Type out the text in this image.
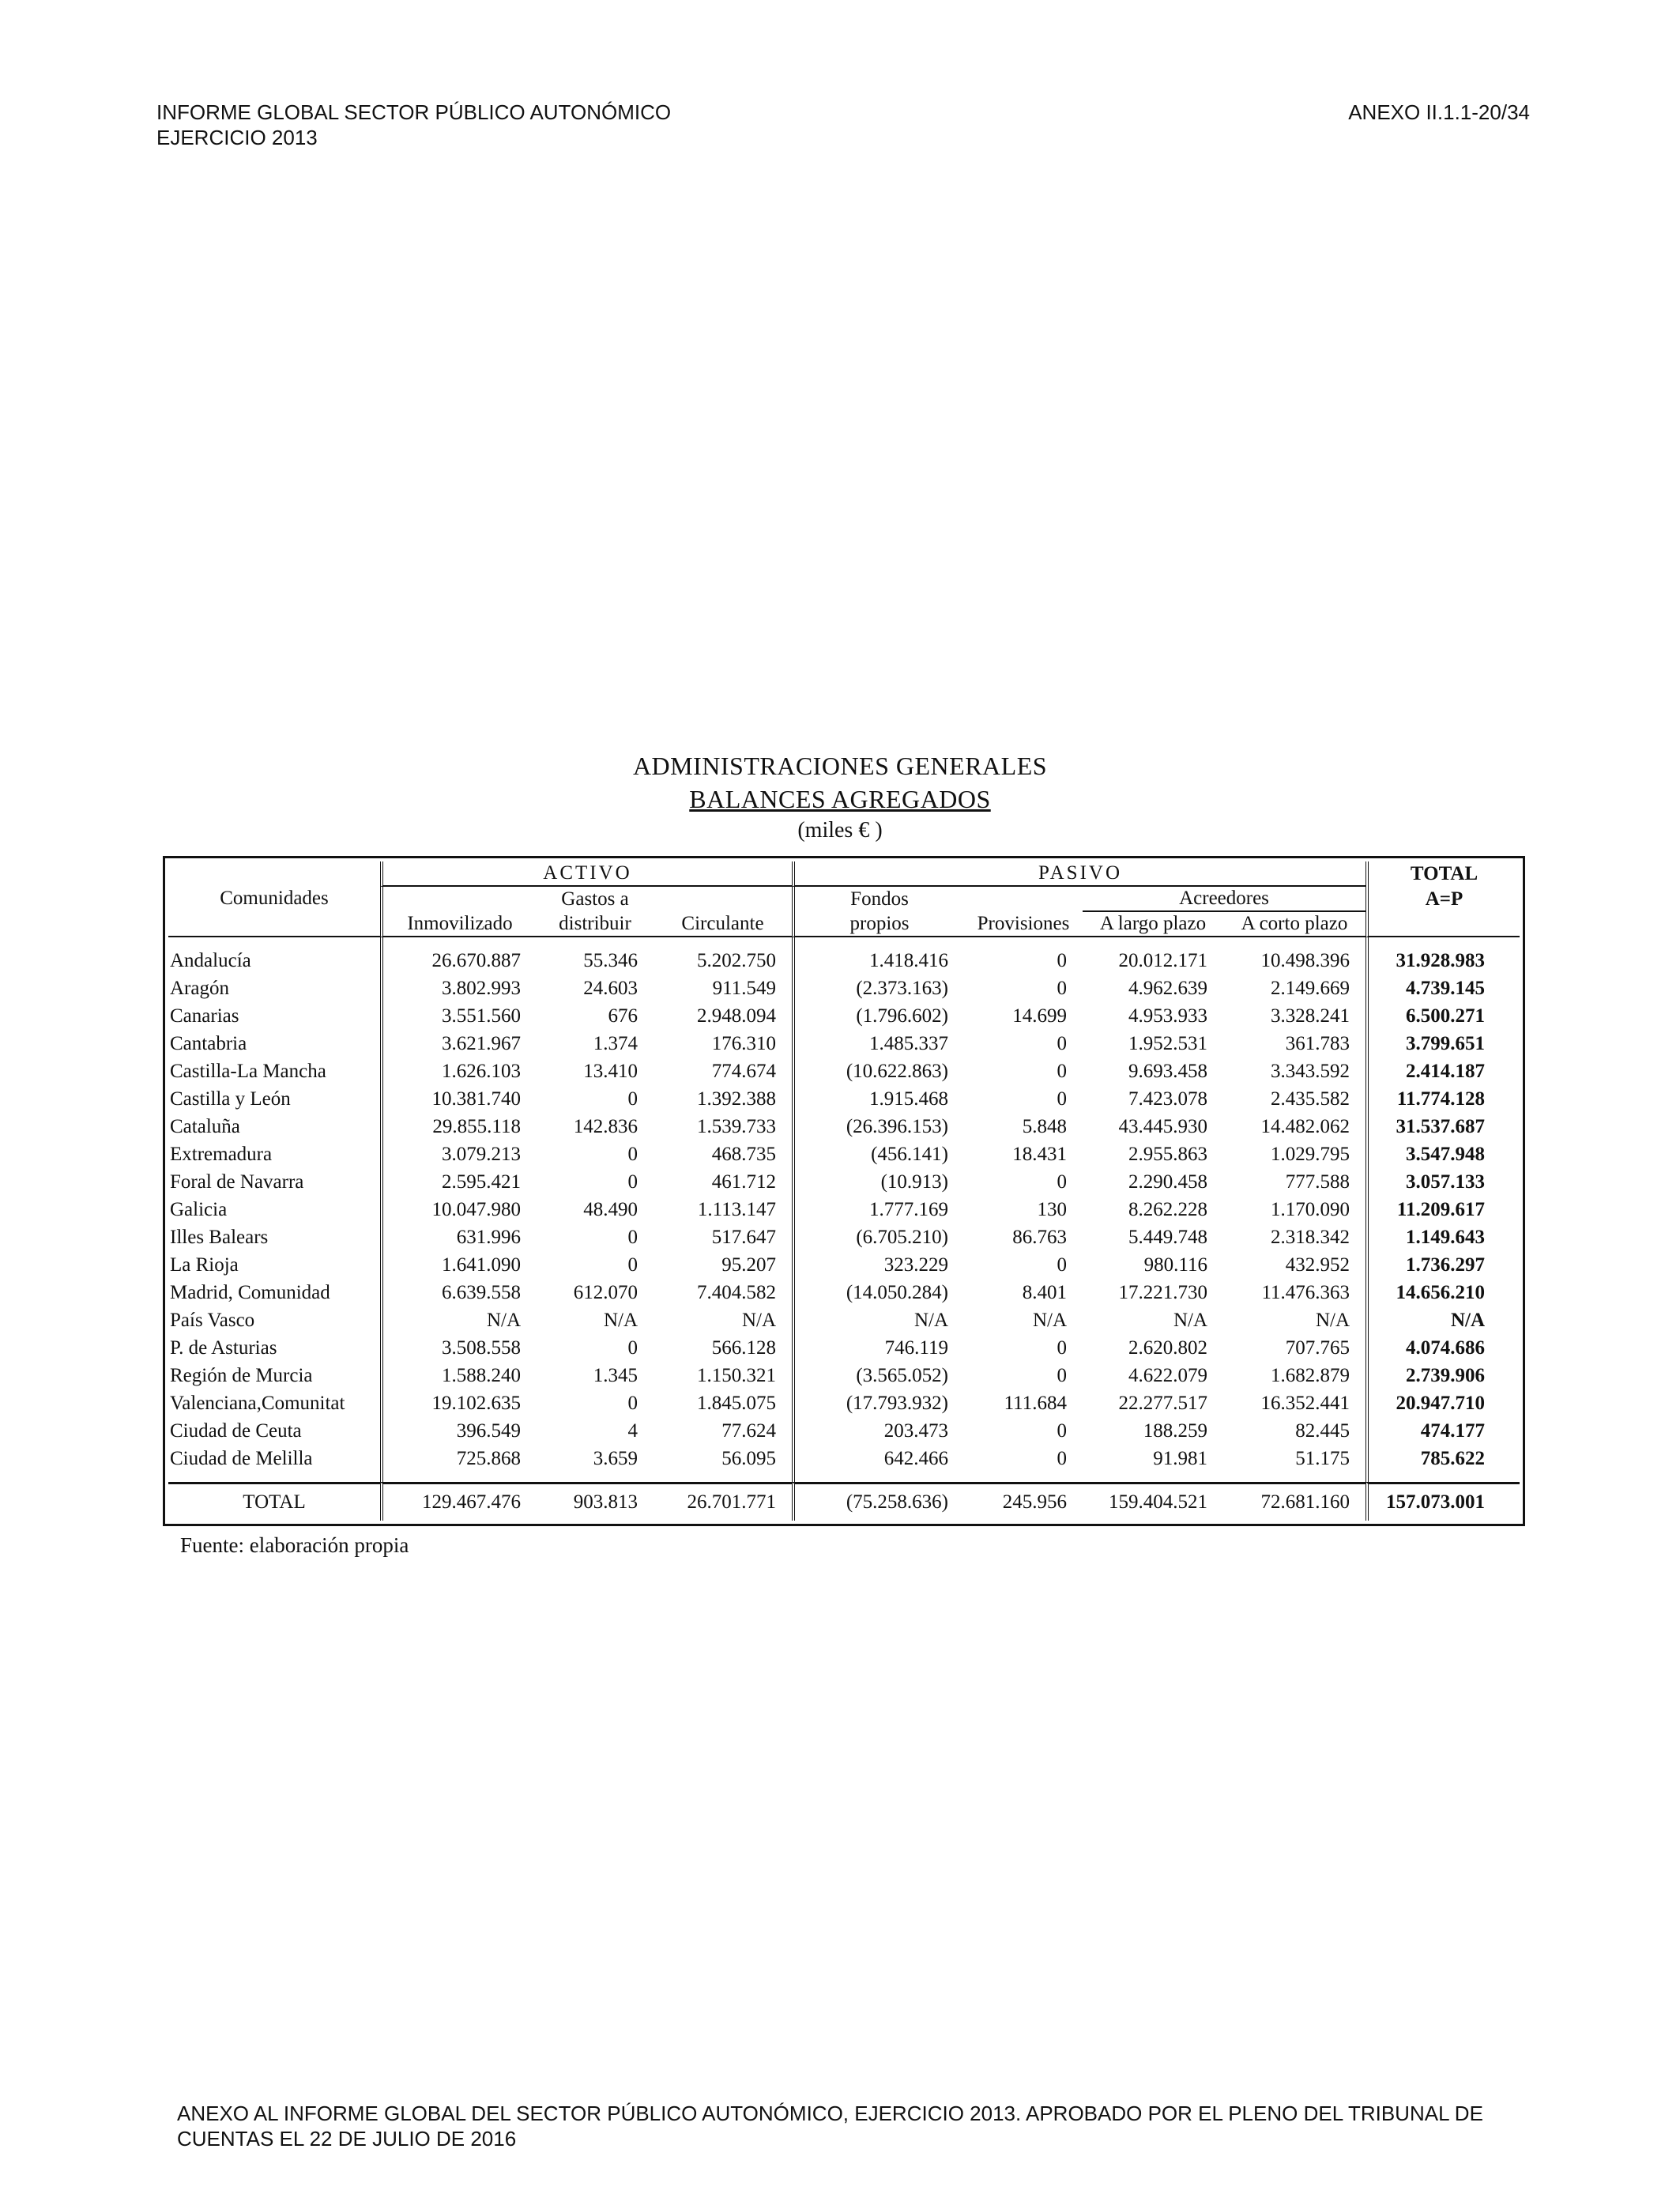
INFORME GLOBAL SECTOR PÚBLICO AUTONÓMICO
EJERCICIO 2013
ANEXO II.1.1-20/34
ADMINISTRACIONES GENERALES
BALANCES AGREGADOS
(miles € )
Comunidades	ACTIVO			PASIVO				TOTAL
		Gastos a		Fondos		Acreedores		A=P
	Inmovilizado	distribuir	Circulante	propios	Provisiones	A largo plazo	A corto plazo	

Andalucía	26.670.887	55.346	5.202.750	1.418.416	0	20.012.171	10.498.396	31.928.983
Aragón	3.802.993	24.603	911.549	(2.373.163)	0	4.962.639	2.149.669	4.739.145
Canarias	3.551.560	676	2.948.094	(1.796.602)	14.699	4.953.933	3.328.241	6.500.271
Cantabria	3.621.967	1.374	176.310	1.485.337	0	1.952.531	361.783	3.799.651
Castilla-La Mancha	1.626.103	13.410	774.674	(10.622.863)	0	9.693.458	3.343.592	2.414.187
Castilla y León	10.381.740	0	1.392.388	1.915.468	0	7.423.078	2.435.582	11.774.128
Cataluña	29.855.118	142.836	1.539.733	(26.396.153)	5.848	43.445.930	14.482.062	31.537.687
Extremadura	3.079.213	0	468.735	(456.141)	18.431	2.955.863	1.029.795	3.547.948
Foral de Navarra	2.595.421	0	461.712	(10.913)	0	2.290.458	777.588	3.057.133
Galicia	10.047.980	48.490	1.113.147	1.777.169	130	8.262.228	1.170.090	11.209.617
Illes Balears	631.996	0	517.647	(6.705.210)	86.763	5.449.748	2.318.342	1.149.643
La Rioja	1.641.090	0	95.207	323.229	0	980.116	432.952	1.736.297
Madrid, Comunidad	6.639.558	612.070	7.404.582	(14.050.284)	8.401	17.221.730	11.476.363	14.656.210
País Vasco	N/A	N/A	N/A	N/A	N/A	N/A	N/A	N/A
P. de Asturias	3.508.558	0	566.128	746.119	0	2.620.802	707.765	4.074.686
Región de Murcia	1.588.240	1.345	1.150.321	(3.565.052)	0	4.622.079	1.682.879	2.739.906
Valenciana,Comunitat	19.102.635	0	1.845.075	(17.793.932)	111.684	22.277.517	16.352.441	20.947.710
Ciudad de Ceuta	396.549	4	77.624	203.473	0	188.259	82.445	474.177
Ciudad de Melilla	725.868	3.659	56.095	642.466	0	91.981	51.175	785.622

TOTAL	129.467.476	903.813	26.701.771	(75.258.636)	245.956	159.404.521	72.681.160	157.073.001
Fuente: elaboración propia
ANEXO AL INFORME GLOBAL DEL SECTOR PÚBLICO AUTONÓMICO, EJERCICIO 2013. APROBADO POR EL PLENO DEL TRIBUNAL DE CUENTAS EL 22 DE JULIO DE 2016
